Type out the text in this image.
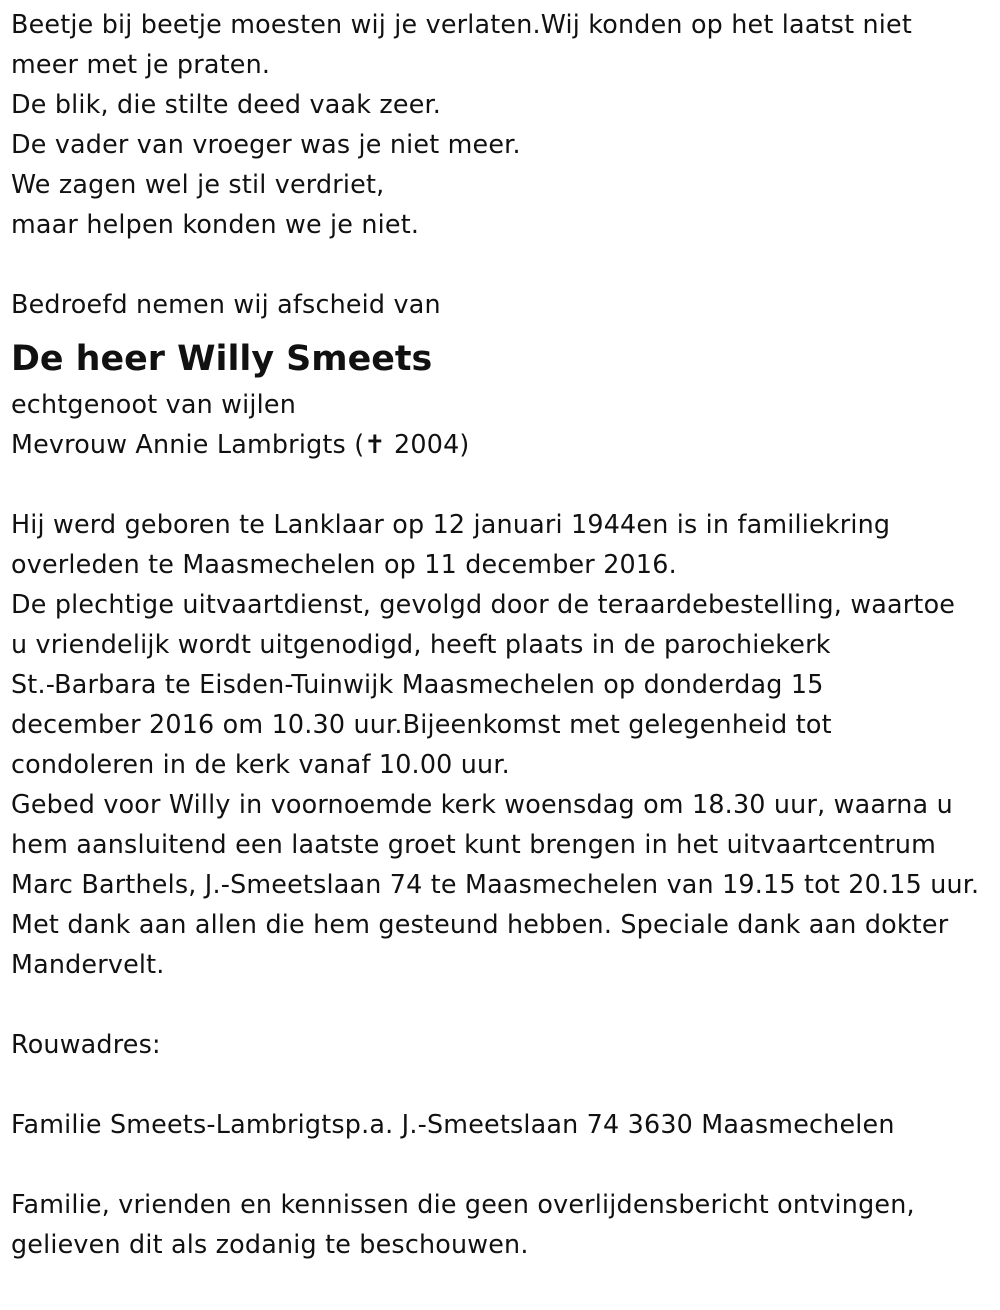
Beetje bij beetje moesten wij je verlaten.Wij konden op het laatst niet
meer met je praten.
De blik, die stilte deed vaak zeer.
De vader van vroeger was je niet meer.
We zagen wel je stil verdriet,
maar helpen konden we je niet.
Bedroefd nemen wij afscheid van
De heer Willy Smeets
echtgenoot van wijlen
Mevrouw Annie Lambrigts (✝ 2004)
Hij werd geboren te Lanklaar op 12 januari 1944en is in familiekring
overleden te Maasmechelen op 11 december 2016.
De plechtige uitvaartdienst, gevolgd door de teraardebestelling, waartoe
u vriendelijk wordt uitgenodigd, heeft plaats in de parochiekerk
St.-Barbara te Eisden-Tuinwijk Maasmechelen op donderdag 15
december 2016 om 10.30 uur.Bijeenkomst met gelegenheid tot
condoleren in de kerk vanaf 10.00 uur.
Gebed voor Willy in voornoemde kerk woensdag om 18.30 uur, waarna u
hem aansluitend een laatste groet kunt brengen in het uitvaartcentrum
Marc Barthels, J.-Smeetslaan 74 te Maasmechelen van 19.15 tot 20.15 uur.
Met dank aan allen die hem gesteund hebben. Speciale dank aan dokter
Mandervelt.
Rouwadres:
Familie Smeets-Lambrigtsp.a. J.-Smeetslaan 74 3630 Maasmechelen
Familie, vrienden en kennissen die geen overlijdensbericht ontvingen,
gelieven dit als zodanig te beschouwen.
